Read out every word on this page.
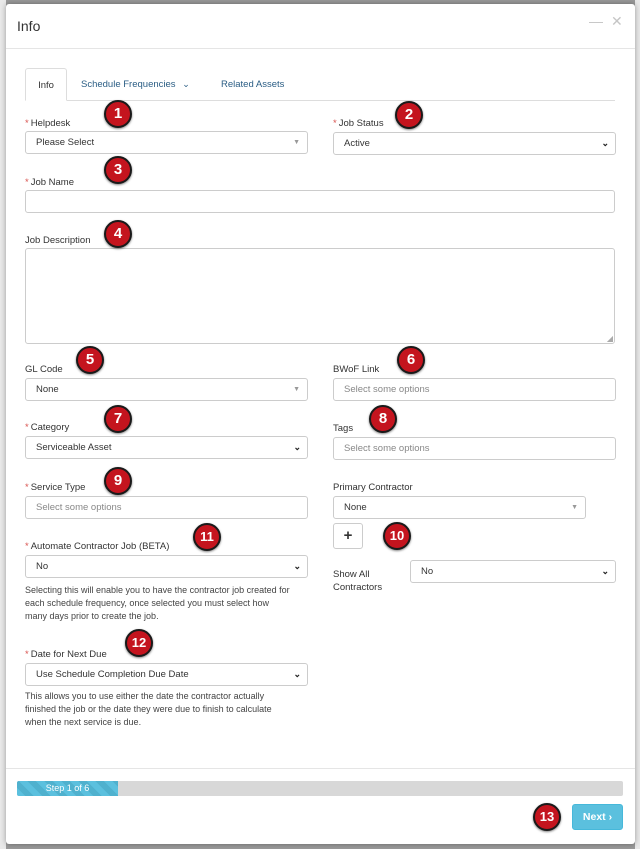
Info	— ✕
Info	Schedule Frequencies ⌄	Related Assets
* Helpdesk
Please Select	▼
* Job Status
Active	⌄
* Job Name
Job Description
◢
GL Code
None	▼
BWoF Link
Select some options
* Category
Serviceable Asset	⌄
Tags
Select some options
* Service Type
Select some options
Primary Contractor
None	▼
+
* Automate Contractor Job (BETA)
No	⌄
Selecting this will enable you to have the contractor job created for
each schedule frequency, once selected you must select how
many days prior to create the job.
Show All
Contractors
No	⌄
* Date for Next Due
Use Schedule Completion Due Date	⌄
This allows you to use either the date the contractor actually
finished the job or the date they were due to finish to calculate
when the next service is due.
Step 1 of 6
Next ›
1	2
3
4
5	6
7	8
9
10
11
12
13
